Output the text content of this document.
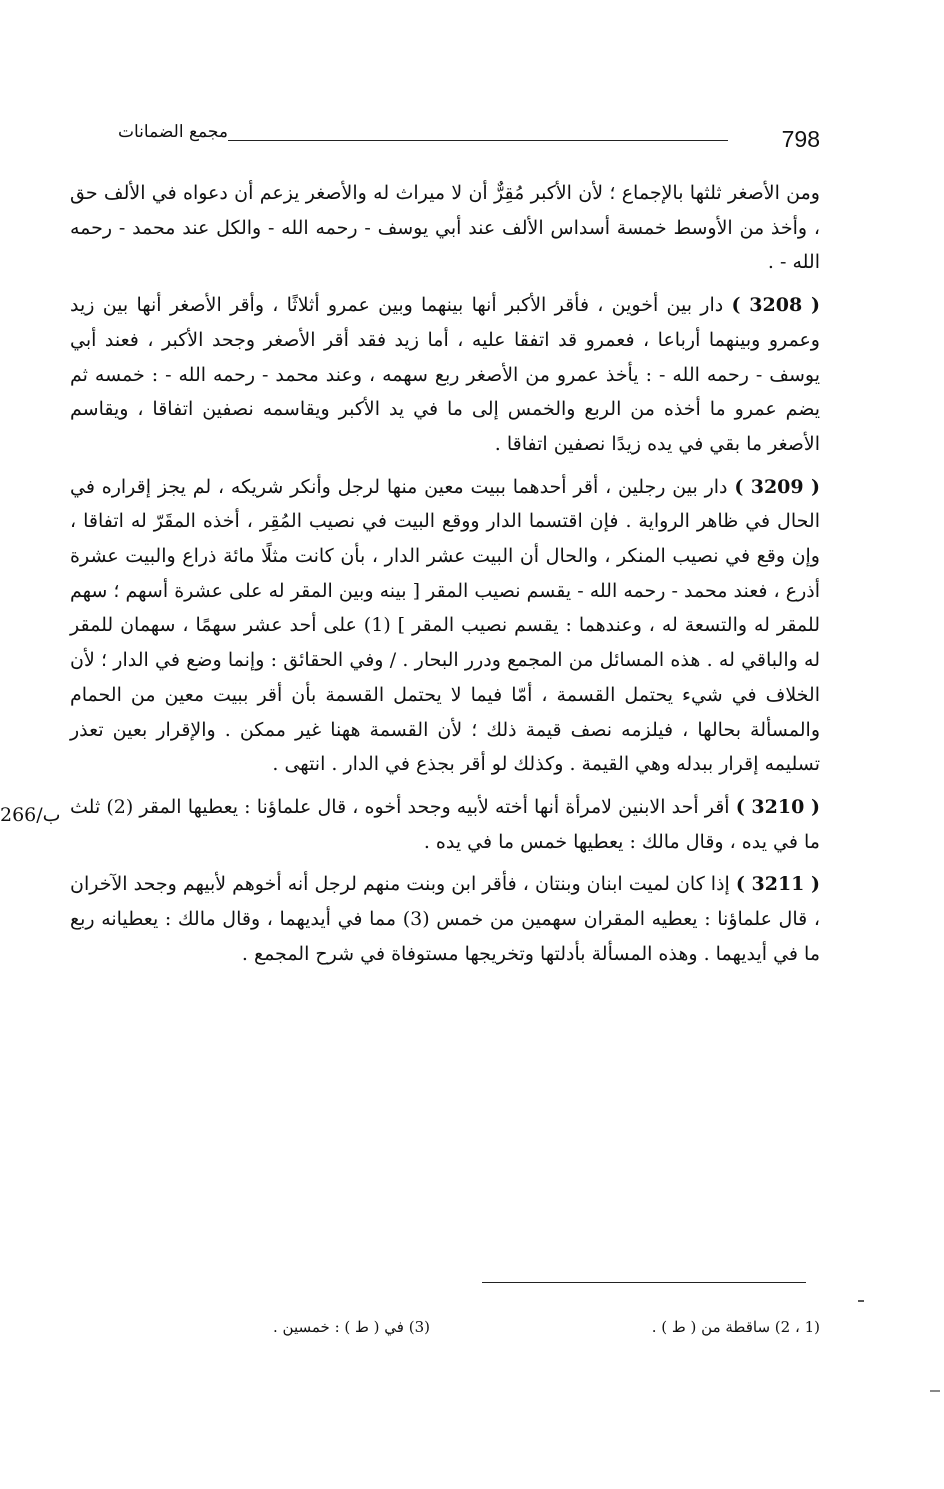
مجمع الضمانات	798
266/ب

ومن الأصغر ثلثها بالإجماع ؛ لأن الأكبر مُقِرٌّ أن لا ميراث له والأصغر يزعم أن دعواه في الألف حق ، وأخذ من الأوسط خمسة أسداس الألف عند أبي يوسف - رحمه الله - والكل عند محمد - رحمه الله - .

( 3208 ) دار بين أخوين ، فأقر الأكبر أنها بينهما وبين عمرو أثلاثًا ، وأقر الأصغر أنها بين زيد وعمرو وبينهما أرباعا ، فعمرو قد اتفقا عليه ، أما زيد فقد أقر الأصغر وجحد الأكبر ، فعند أبي يوسف - رحمه الله - : يأخذ عمرو من الأصغر ربع سهمه ، وعند محمد - رحمه الله - : خمسه ثم يضم عمرو ما أخذه من الربع والخمس إلى ما في يد الأكبر ويقاسمه نصفين اتفاقا ، ويقاسم الأصغر ما بقي في يده زيدًا نصفين اتفاقا .

( 3209 ) دار بين رجلين ، أقر أحدهما ببيت معين منها لرجل وأنكر شريكه ، لم يجز إقراره في الحال في ظاهر الرواية . فإن اقتسما الدار ووقع البيت في نصيب المُقِر ، أخذه المقَرّ له اتفاقا ، وإن وقع في نصيب المنكر ، والحال أن البيت عشر الدار ، بأن كانت مثلًا مائة ذراع والبيت عشرة أذرع ، فعند محمد - رحمه الله - يقسم نصيب المقر [ بينه وبين المقر له على عشرة أسهم ؛ سهم للمقر له والتسعة له ، وعندهما : يقسم نصيب المقر ] (1) على أحد عشر سهمًا ، سهمان للمقر له والباقي له . هذه المسائل من المجمع ودرر البحار . / وفي الحقائق : وإنما وضع في الدار ؛ لأن الخلاف في شيء يحتمل القسمة ، أمّا فيما لا يحتمل القسمة بأن أقر ببيت معين من الحمام والمسألة بحالها ، فيلزمه نصف قيمة ذلك ؛ لأن القسمة ههنا غير ممكن . والإقرار بعين تعذر تسليمه إقرار ببدله وهي القيمة . وكذلك لو أقر بجذع في الدار . انتهى .

( 3210 ) أقر أحد الابنين لامرأة أنها أخته لأبيه وجحد أخوه ، قال علماؤنا : يعطيها المقر (2) ثلث ما في يده ، وقال مالك : يعطيها خمس ما في يده .

( 3211 ) إذا كان لميت ابنان وبنتان ، فأقر ابن وبنت منهم لرجل أنه أخوهم لأبيهم وجحد الآخران ، قال علماؤنا : يعطيه المقران سهمين من خمس (3) مما في أيديهما ، وقال مالك : يعطيانه ربع ما في أيديهما . وهذه المسألة بأدلتها وتخريجها مستوفاة في شرح المجمع .

(1 ، 2) ساقطة من ( ط ) .
(3) في ( ط ) : خمسين .
